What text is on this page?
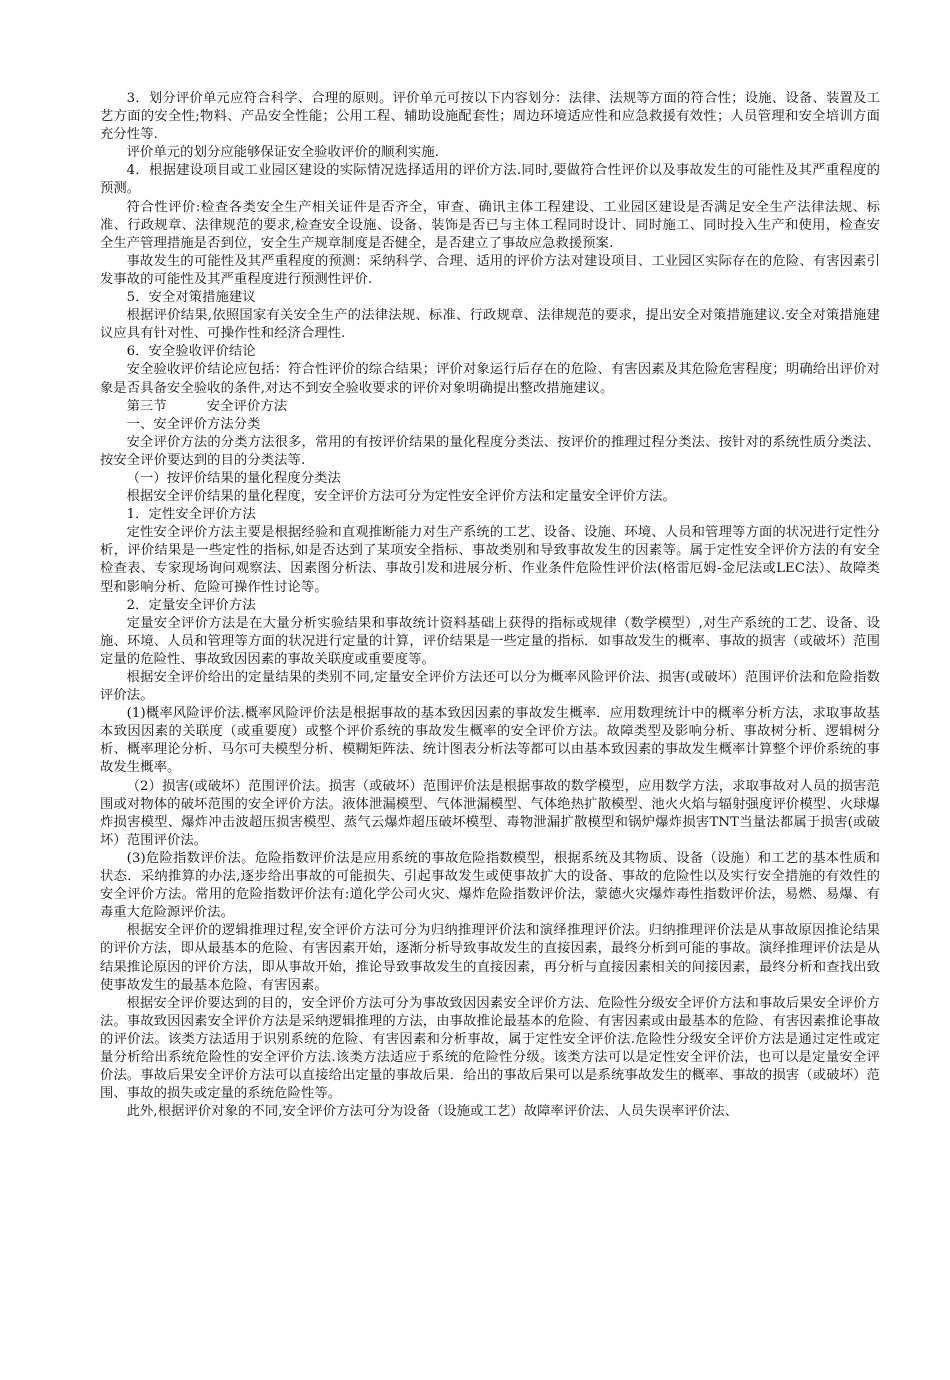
3．划分评价单元应符合科学、合理的原则。评价单元可按以下内容划分：法律、法规等方面的符合性；设施、设备、装置及工艺方面的安全性;物料、产品安全性能；公用工程、辅助设施配套性；周边环境适应性和应急救援有效性；人员管理和安全培训方面充分性等.

评价单元的划分应能够保证安全验收评价的顺利实施.

4．根据建设项目或工业园区建设的实际情况选择适用的评价方法.同时,要做符合性评价以及事故发生的可能性及其严重程度的预测。

符合性评价:检查各类安全生产相关证件是否齐全，审查、确讯主体工程建设、工业园区建设是否满足安全生产法律法规、标准、行政规章、法律规范的要求,检查安全设施、设备、装饰是否已与主体工程同时设计、同时施工、同时投入生产和使用，检查安全生产管理措施是否到位，安全生产规章制度是否健全，是否建立了事故应急救援预案.

事故发生的可能性及其严重程度的预测：采纳科学、合理、适用的评价方法对建设项目、工业园区实际存在的危险、有害因素引发事故的可能性及其严重程度进行预测性评价.

5．安全对策措施建议

根据评价结果,依照国家有关安全生产的法律法规、标准、行政规章、法律规范的要求，提出安全对策措施建议.安全对策措施建议应具有针对性、可操作性和经济合理性.

6．安全验收评价结论

安全验收评价结论应包括：符合性评价的综合结果；评价对象运行后存在的危险、有害因素及其危险危害程度；明确给出评价对象是否具备安全验收的条件,对达不到安全验收要求的评价对象明确提出整改措施建议。

第三节	安全评价方法

一、安全评价方法分类

安全评价方法的分类方法很多，常用的有按评价结果的量化程度分类法、按评价的推理过程分类法、按针对的系统性质分类法、按安全评价要达到的目的分类法等.

（一）按评价结果的量化程度分类法

根据安全评价结果的量化程度，安全评价方法可分为定性安全评价方法和定量安全评价方法。

1．定性安全评价方法

定性安全评价方法主要是根据经验和直观推断能力对生产系统的工艺、设备、设施、环境、人员和管理等方面的状况进行定性分析，评价结果是一些定性的指标,如是否达到了某项安全指标、事故类别和导致事故发生的因素等。属于定性安全评价方法的有安全检查表、专家现场询问观察法、因素图分析法、事故引发和进展分析、作业条件危险性评价法(格雷厄姆-金尼法或LEC法）、故障类型和影响分析、危险可操作性讨论等。

2．定量安全评价方法

定量安全评价方法是在大量分析实验结果和事故统计资料基础上获得的指标或规律（数学模型）,对生产系统的工艺、设备、设施、环境、人员和管理等方面的状况进行定量的计算，评价结果是一些定量的指标．如事故发生的概率、事故的损害（或破坏）范围定量的危险性、事故致因因素的事故关联度或重要度等。

根据安全评价给出的定量结果的类别不同,定量安全评价方法还可以分为概率风险评价法、损害(或破坏）范围评价法和危险指数评价法。

(1)概率风险评价法.概率风险评价法是根据事故的基本致因因素的事故发生概率．应用数理统计中的概率分析方法，求取事故基本致因因素的关联度（或重要度）或整个评价系统的事故发生概率的安全评价方法。故障类型及影响分析、事故树分析、逻辑树分析、概率理论分析、马尔可夫模型分析、模糊矩阵法、统计图表分析法等都可以由基本致因素的事故发生概率计算整个评价系统的事故发生概率。

（2）损害(或破坏）范围评价法。损害（或破坏）范围评价法是根据事故的数学模型，应用数学方法，求取事故对人员的损害范围或对物体的破坏范围的安全评价方法。液体泄漏模型、气体泄漏模型、气体绝热扩散模型、池火火焰与辐射强度评价模型、火球爆炸损害模型、爆炸冲击波超压损害模型、蒸气云爆炸超压破坏模型、毒物泄漏扩散模型和锅炉爆炸损害TNT当量法都属于损害(或破坏）范围评价法。

(3)危险指数评价法。危险指数评价法是应用系统的事故危险指数模型，根据系统及其物质、设备（设施）和工艺的基本性质和状态．采纳推算的办法,逐步给出事故的可能损失、引起事故发生或使事故扩大的设备、事故的危险性以及实行安全措施的有效性的安全评价方法。常用的危险指数评价法有:道化学公司火灾、爆炸危险指数评价法，蒙德火灾爆炸毒性指数评价法，易燃、易爆、有毒重大危险源评价法。

根据安全评价的逻辑推理过程,安全评价方法可分为归纳推理评价法和演绎推理评价法。归纳推理评价法是从事故原因推论结果的评价方法，即从最基本的危险、有害因素开始，逐渐分析导致事故发生的直接因素，最终分析到可能的事故。演绎推理评价法是从结果推论原因的评价方法，即从事故开始，推论导致事故发生的直接因素，再分析与直接因素相关的间接因素，最终分析和查找出致使事故发生的最基本危险、有害因素。

根据安全评价要达到的目的，安全评价方法可分为事故致因因素安全评价方法、危险性分级安全评价方法和事故后果安全评价方法。事故致因因素安全评价方法是采纳逻辑推理的方法，由事故推论最基本的危险、有害因素或由最基本的危险、有害因素推论事故的评价法。该类方法适用于识别系统的危险、有害因素和分析事故，属于定性安全评价法.危险性分级安全评价方法是通过定性或定量分析给出系统危险性的安全评价方法.该类方法适应于系统的危险性分级。该类方法可以是定性安全评价法，也可以是定量安全评价法。事故后果安全评价方法可以直接给出定量的事故后果．给出的事故后果可以是系统事故发生的概率、事故的损害（或破坏）范围、事故的损失或定量的系统危险性等。

此外,根据评价对象的不同,安全评价方法可分为设备（设施或工艺）故障率评价法、人员失误率评价法、
